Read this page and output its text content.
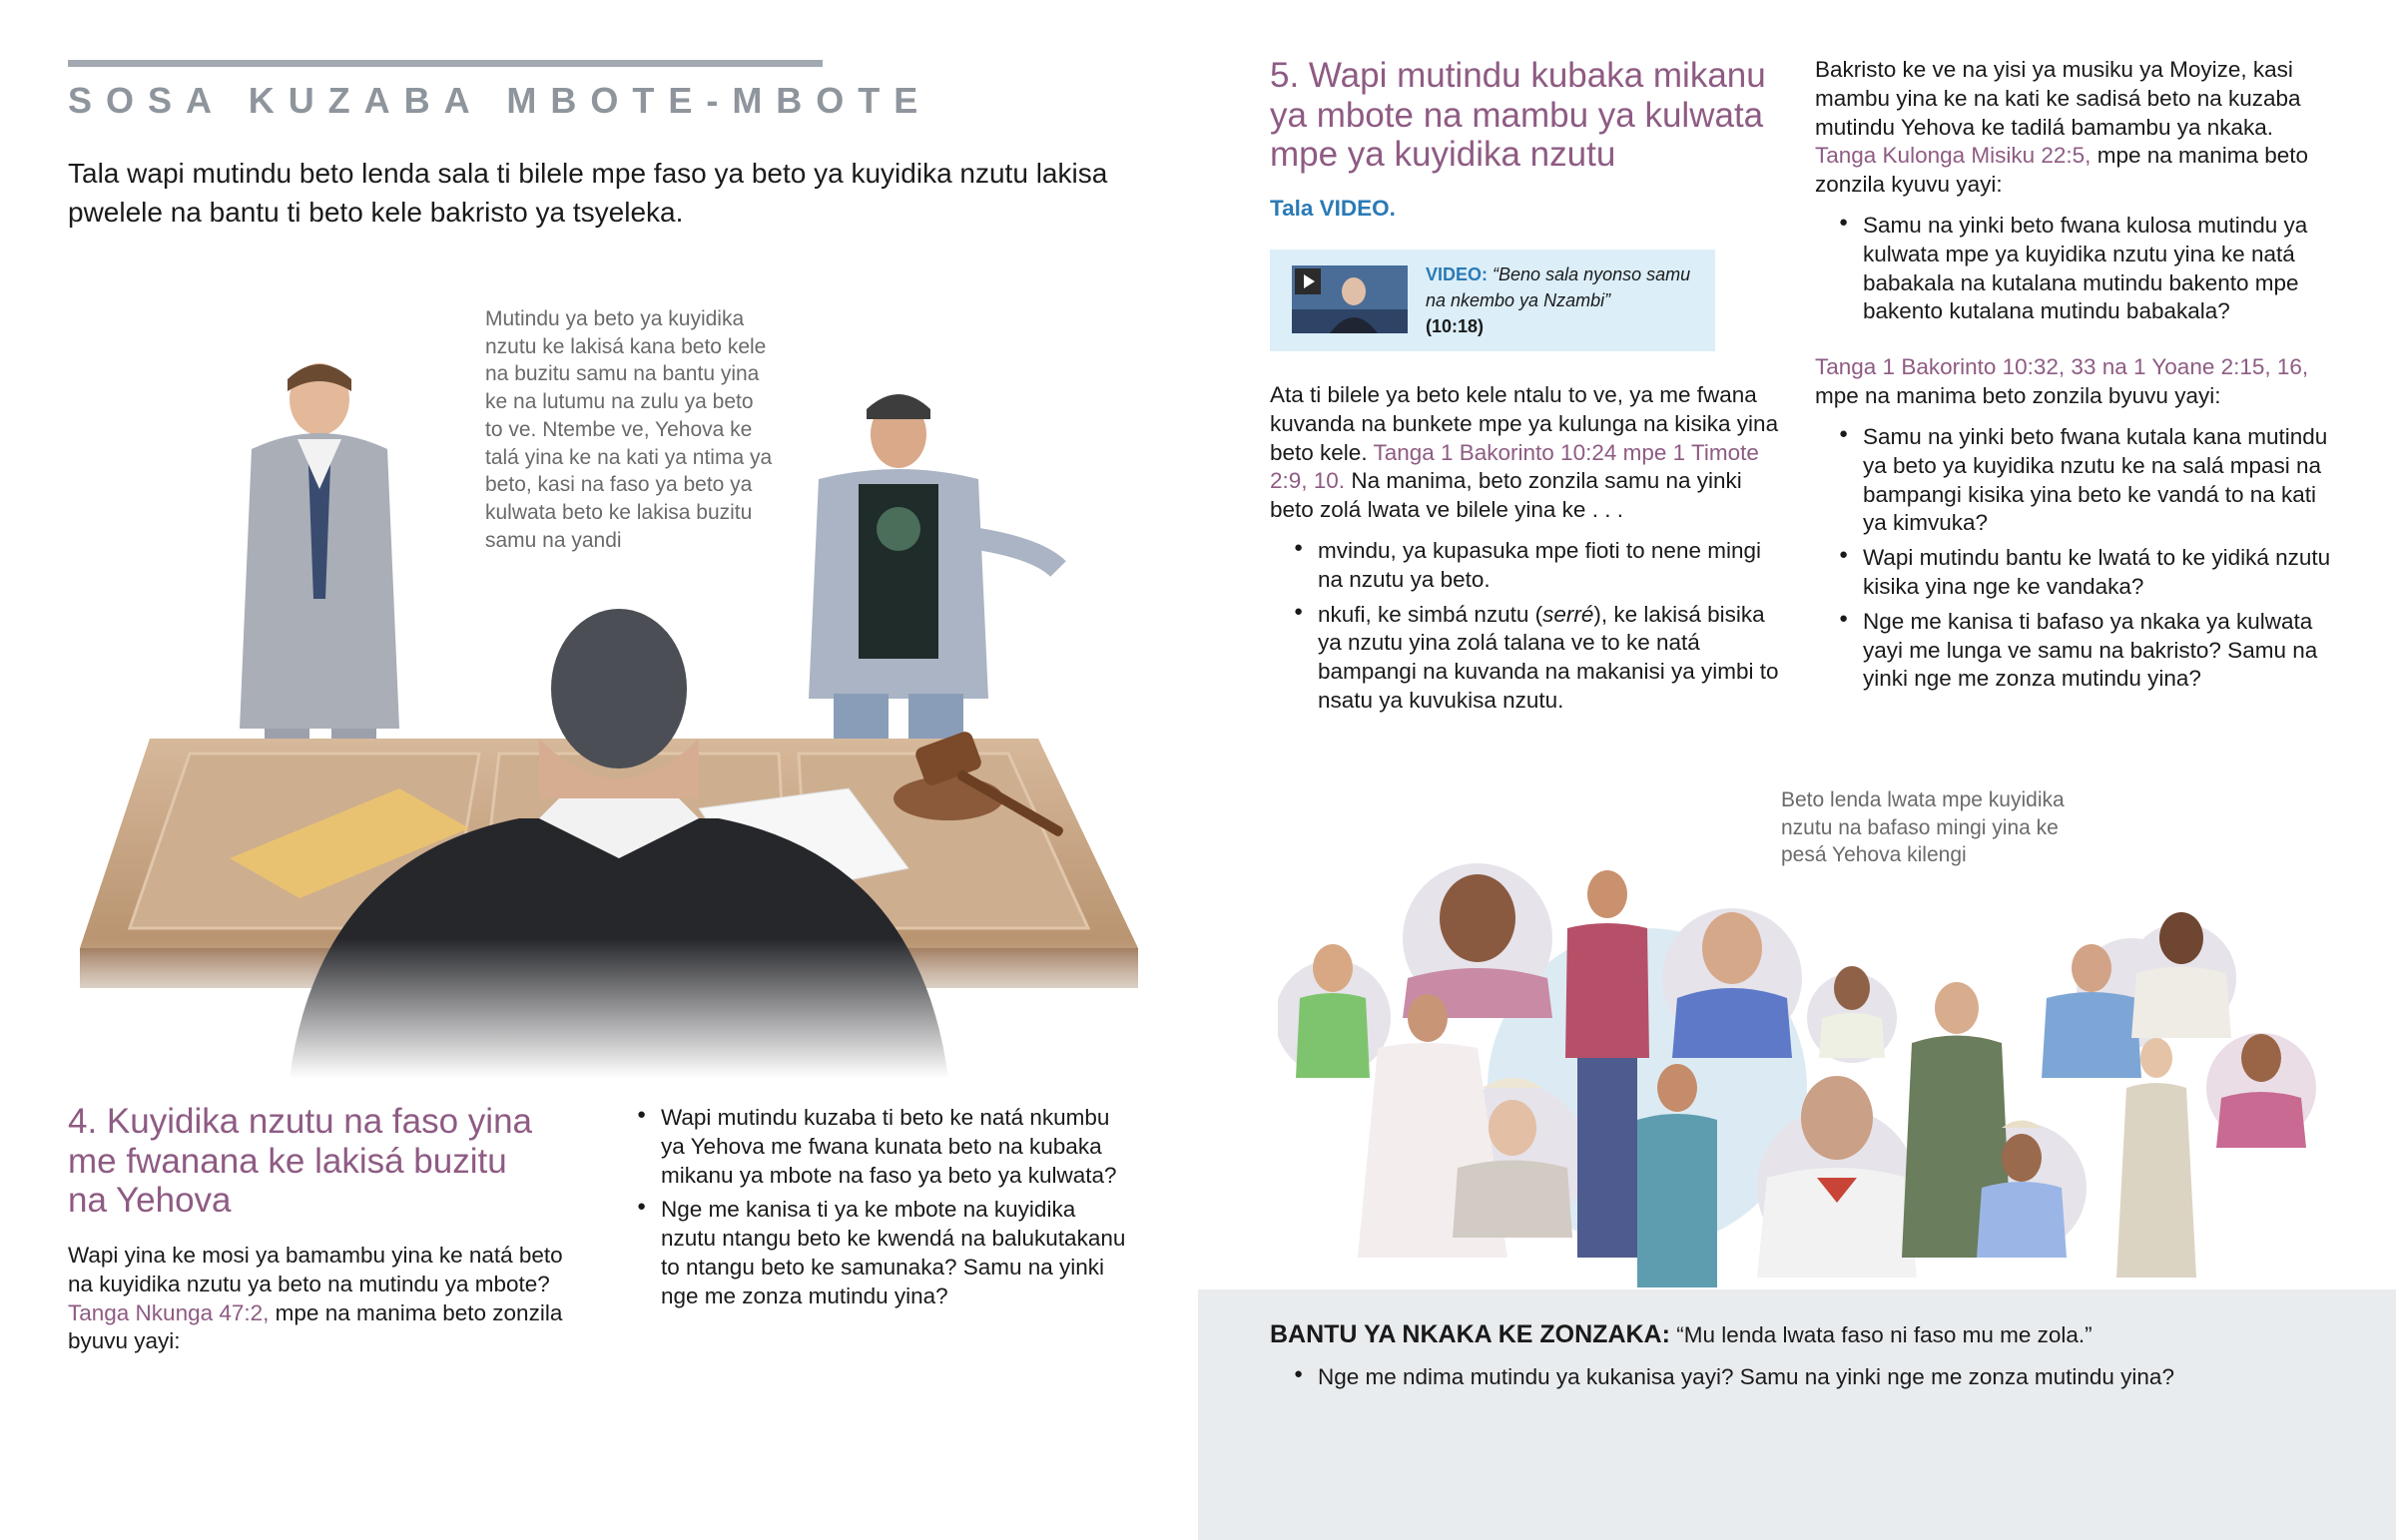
SOSA KUZABA MBOTE-MBOTE
Tala wapi mutindu beto lenda sala ti bilele mpe faso ya beto ya kuyidika nzutu lakisa pwelele na bantu ti beto kele bakristo ya tsyeleka.
Mutindu ya beto ya kuyidika nzutu ke lakisá kana beto kele na buzitu samu na bantu yina ke na lutumu na zulu ya beto to ve. Ntembe ve, Yehova ke talá yina ke na kati ya ntima ya beto, kasi na faso ya beto ya kulwata beto ke lakisa buzitu samu na yandi
4. Kuyidika nzutu na faso yina me fwanana ke lakisá buzitu na Yehova

Wapi yina ke mosi ya bamambu yina ke natá beto na kuyidika nzutu ya beto na mutindu ya mbote? Tanga Nkunga 47:2, mpe na manima beto zonzila byuvu yayi:

● Wapi mutindu kuzaba ti beto ke natá nkumbu ya Yehova me fwana kunata beto na kubaka mikanu ya mbote na faso ya beto ya kulwata?
● Nge me kanisa ti ya ke mbote na kuyidika nzutu ntangu beto ke kwendá na balukutakanu to ntangu beto ke samunaka? Samu na yinki nge me zonza mutindu yina?
5. Wapi mutindu kubaka mikanu ya mbote na mambu ya kulwata mpe ya kuyidika nzutu
Tala VIDEO.
VIDEO: “Beno sala nyonso samu na nkembo ya Nzambi”
(10:18)

Ata ti bilele ya beto kele ntalu to ve, ya me fwana kuvanda na bunkete mpe ya kulunga na kisika yina beto kele. Tanga 1 Bakorinto 10:24 mpe 1 Timote 2:9, 10. Na manima, beto zonzila samu na yinki beto zolá lwata ve bilele yina ke . . .

● mvindu, ya kupasuka mpe fioti to nene mingi na nzutu ya beto.
● nkufi, ke simbá nzutu (serré), ke lakisá bisika ya nzutu yina zolá talana ve to ke natá bampangi na kuvanda na makanisi ya yimbi to nsatu ya kuvukisa nzutu.

Bakristo ke ve na yisi ya musiku ya Moyize, kasi mambu yina ke na kati ke sadisá beto na kuzaba mutindu Yehova ke tadilá bamambu ya nkaka. Tanga Kulonga Misiku 22:5, mpe na manima beto zonzila kyuvu yayi:

● Samu na yinki beto fwana kulosa mutindu ya kulwata mpe ya kuyidika nzutu yina ke natá babakala na kutalana mutindu bakento mpe bakento kutalana mutindu babakala?

Tanga 1 Bakorinto 10:32, 33 na 1 Yoane 2:15, 16, mpe na manima beto zonzila byuvu yayi:

● Samu na yinki beto fwana kutala kana mutindu ya beto ya kuyidika nzutu ke na salá mpasi na bampangi kisika yina beto ke vandá to na kati ya kimvuka?
● Wapi mutindu bantu ke lwatá to ke yidiká nzutu kisika yina nge ke vandaka?
● Nge me kanisa ti bafaso ya nkaka ya kulwata yayi me lunga ve samu na bakristo? Samu na yinki nge me zonza mutindu yina?
Beto lenda lwata mpe kuyidika nzutu na bafaso mingi yina ke pesá Yehova kilengi
BANTU YA NKAKA KE ZONZAKA: “Mu lenda lwata faso ni faso mu me zola.”
● Nge me ndima mutindu ya kukanisa yayi? Samu na yinki nge me zonza mutindu yina?
